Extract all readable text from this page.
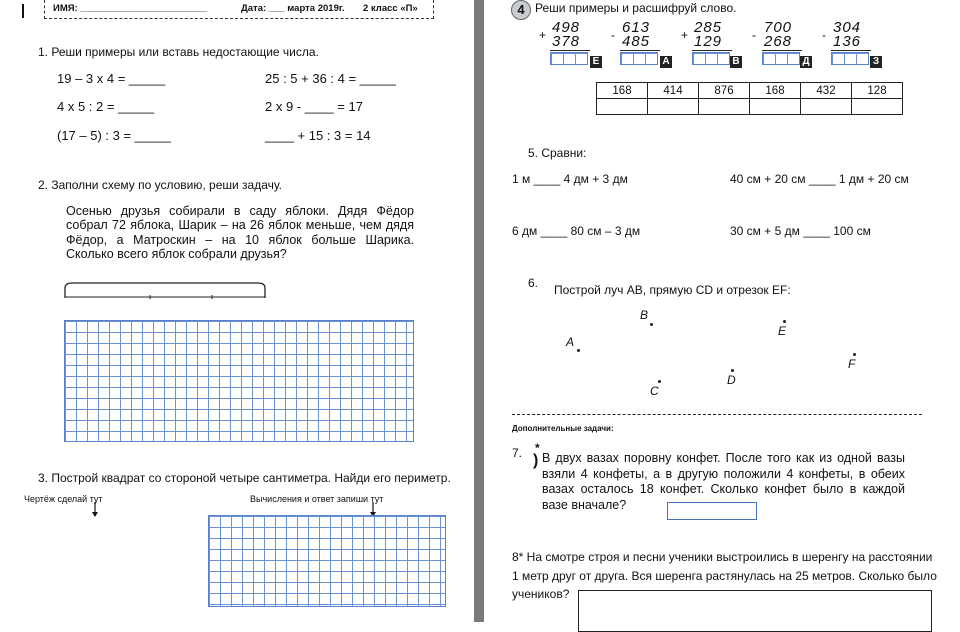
ИМЯ: ________________________	Дата: ___ марта 2019г. 2 класс «П»
1. Реши примеры или вставь недостающие числа.
19 – 3 х 4 = _____	25 : 5 + 36 : 4 = _____
4 х 5 : 2 = _____	2 х 9 - ____ = 17
(17 – 5) : 3 = _____	____ + 15 : 3 = 14
2. Заполни схему по условию, реши задачу.
Осенью друзья собирали в саду яблоки. Дядя Фёдор собрал 72 яблока, Шарик – на 26 яблок меньше, чем дядя Фёдор, а Матроскин – на 10 яблок больше Шарика. Сколько всего яблок собрали друзья?
3. Построй квадрат со стороной четыре сантиметра. Найди его периметр.
Чертёж сделай тут	Вычисления и ответ запиши тут
4 Реши примеры и расшифруй слово.
+ 498
378
Е
- 613
485
А
+ 285
129
В
- 700
268
Д
- 304
136
З
168	414	876	168	432	128

5. Сравни:
1 м ____ 4 дм + 3 дм	40 см + 20 см ____ 1 дм + 20 см
6 дм ____ 80 см – 3 дм	30 см + 5 дм ____ 100 см
6. Построй луч AB, прямую CD и отрезок EF:
A
B
C
D
E
F
Дополнительные задачи:
7. *
) В двух вазах поровну конфет. После того как из одной вазы взяли 4 конфеты, а в другую положили 4 конфеты, в обеих вазах осталось 18 конфет. Сколько конфет было в каждой вазе вначале?
8* На смотре строя и песни ученики выстроились в шеренгу на расстоянии
1 метр друг от друга. Вся шеренга растянулась на 25 метров. Сколько было
учеников?
